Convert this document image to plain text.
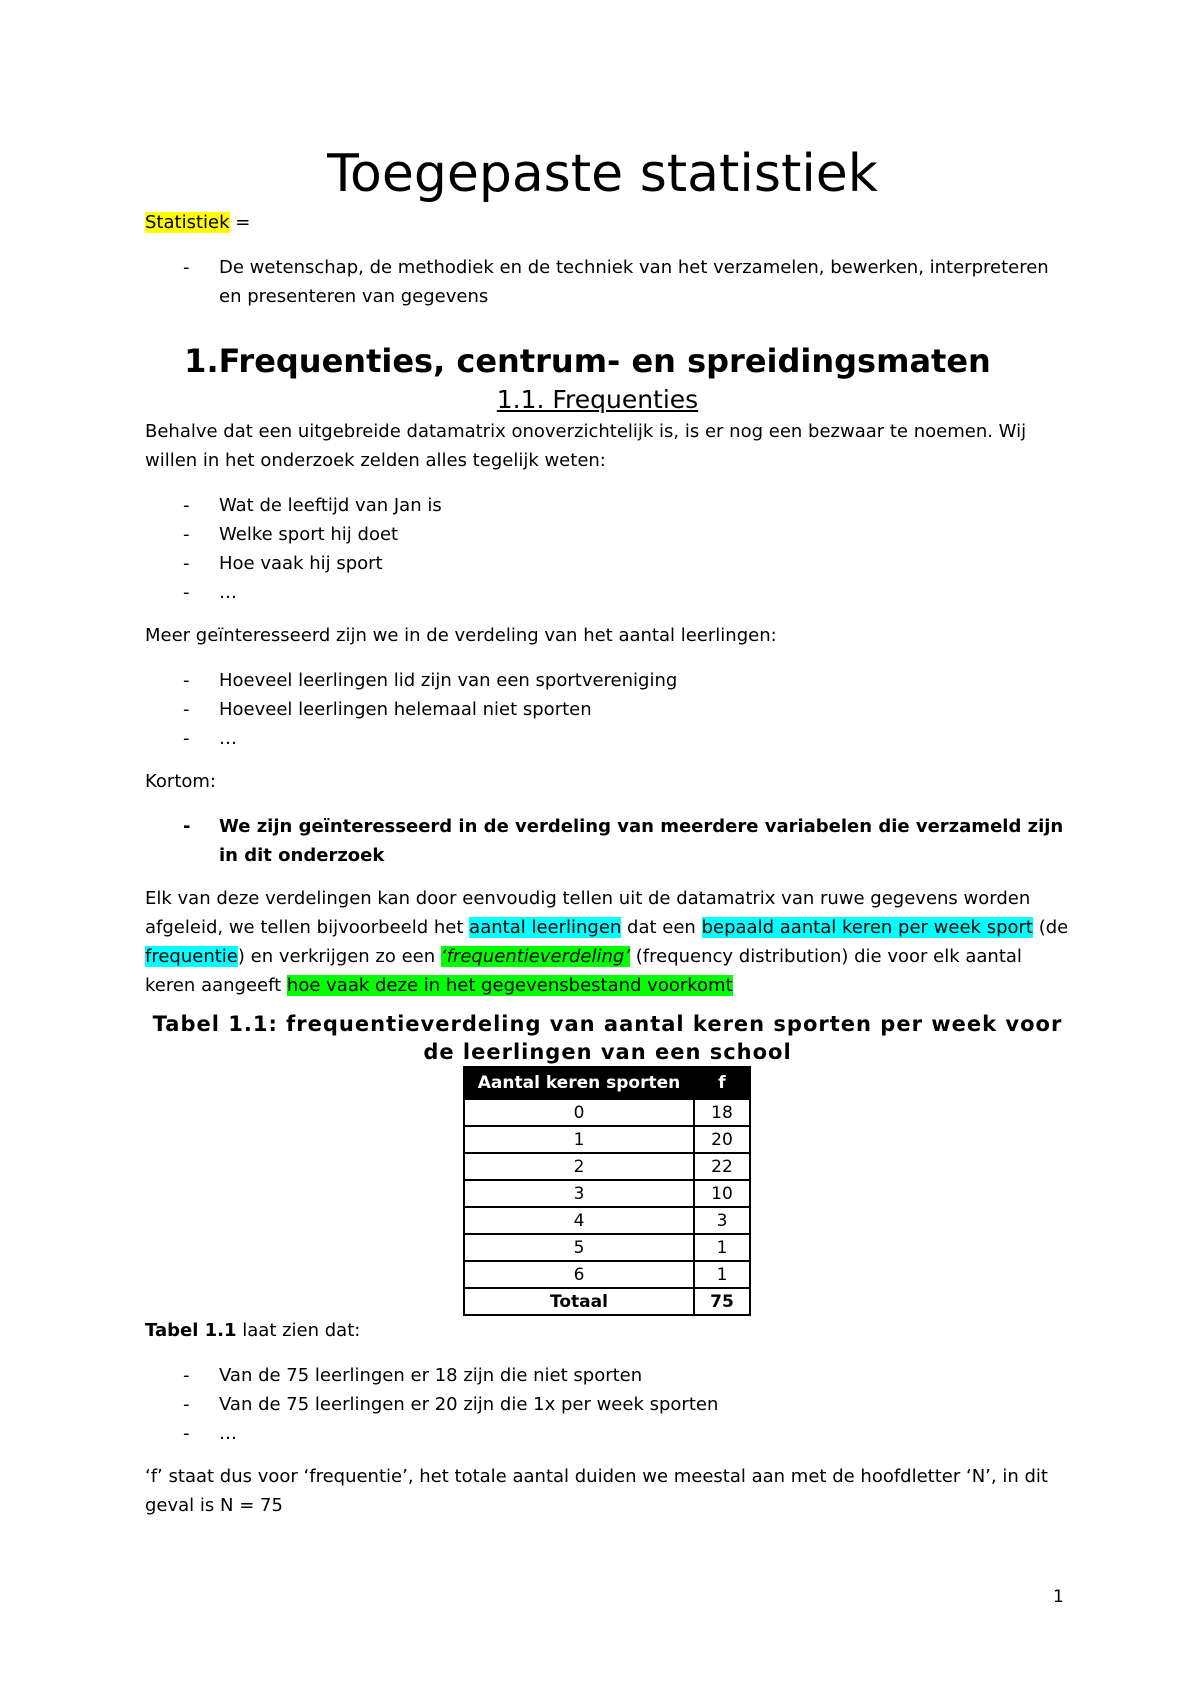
Toegepaste statistiek

Statistiek =

- De wetenschap, de methodiek en de techniek van het verzamelen, bewerken, interpreteren en presenteren van gegevens
1.Frequenties, centrum- en spreidingsmaten
1.1. Frequenties

Behalve dat een uitgebreide datamatrix onoverzichtelijk is, is er nog een bezwaar te noemen. Wij willen in het onderzoek zelden alles tegelijk weten:

- Wat de leeftijd van Jan is
- Welke sport hij doet
- Hoe vaak hij sport
- …

Meer geïnteresseerd zijn we in de verdeling van het aantal leerlingen:

- Hoeveel leerlingen lid zijn van een sportvereniging
- Hoeveel leerlingen helemaal niet sporten
- …

Kortom:

- We zijn geïnteresseerd in de verdeling van meerdere variabelen die verzameld zijn in dit onderzoek

Elk van deze verdelingen kan door eenvoudig tellen uit de datamatrix van ruwe gegevens worden afgeleid, we tellen bijvoorbeeld het aantal leerlingen dat een bepaald aantal keren per week sport (de frequentie) en verkrijgen zo een ‘frequentieverdeling’ (frequency distribution) die voor elk aantal keren aangeeft hoe vaak deze in het gegevensbestand voorkomt

Tabel 1.1: frequentieverdeling van aantal keren sporten per week voor de leerlingen van een school
Aantal keren sporten	f
0	18
1	20
2	22
3	10
4	3
5	1
6	1
Totaal	75

Tabel 1.1 laat zien dat:

- Van de 75 leerlingen er 18 zijn die niet sporten
- Van de 75 leerlingen er 20 zijn die 1x per week sporten
- …

‘f’ staat dus voor ‘frequentie’, het totale aantal duiden we meestal aan met de hoofdletter ‘N’, in dit geval is N = 75

1
